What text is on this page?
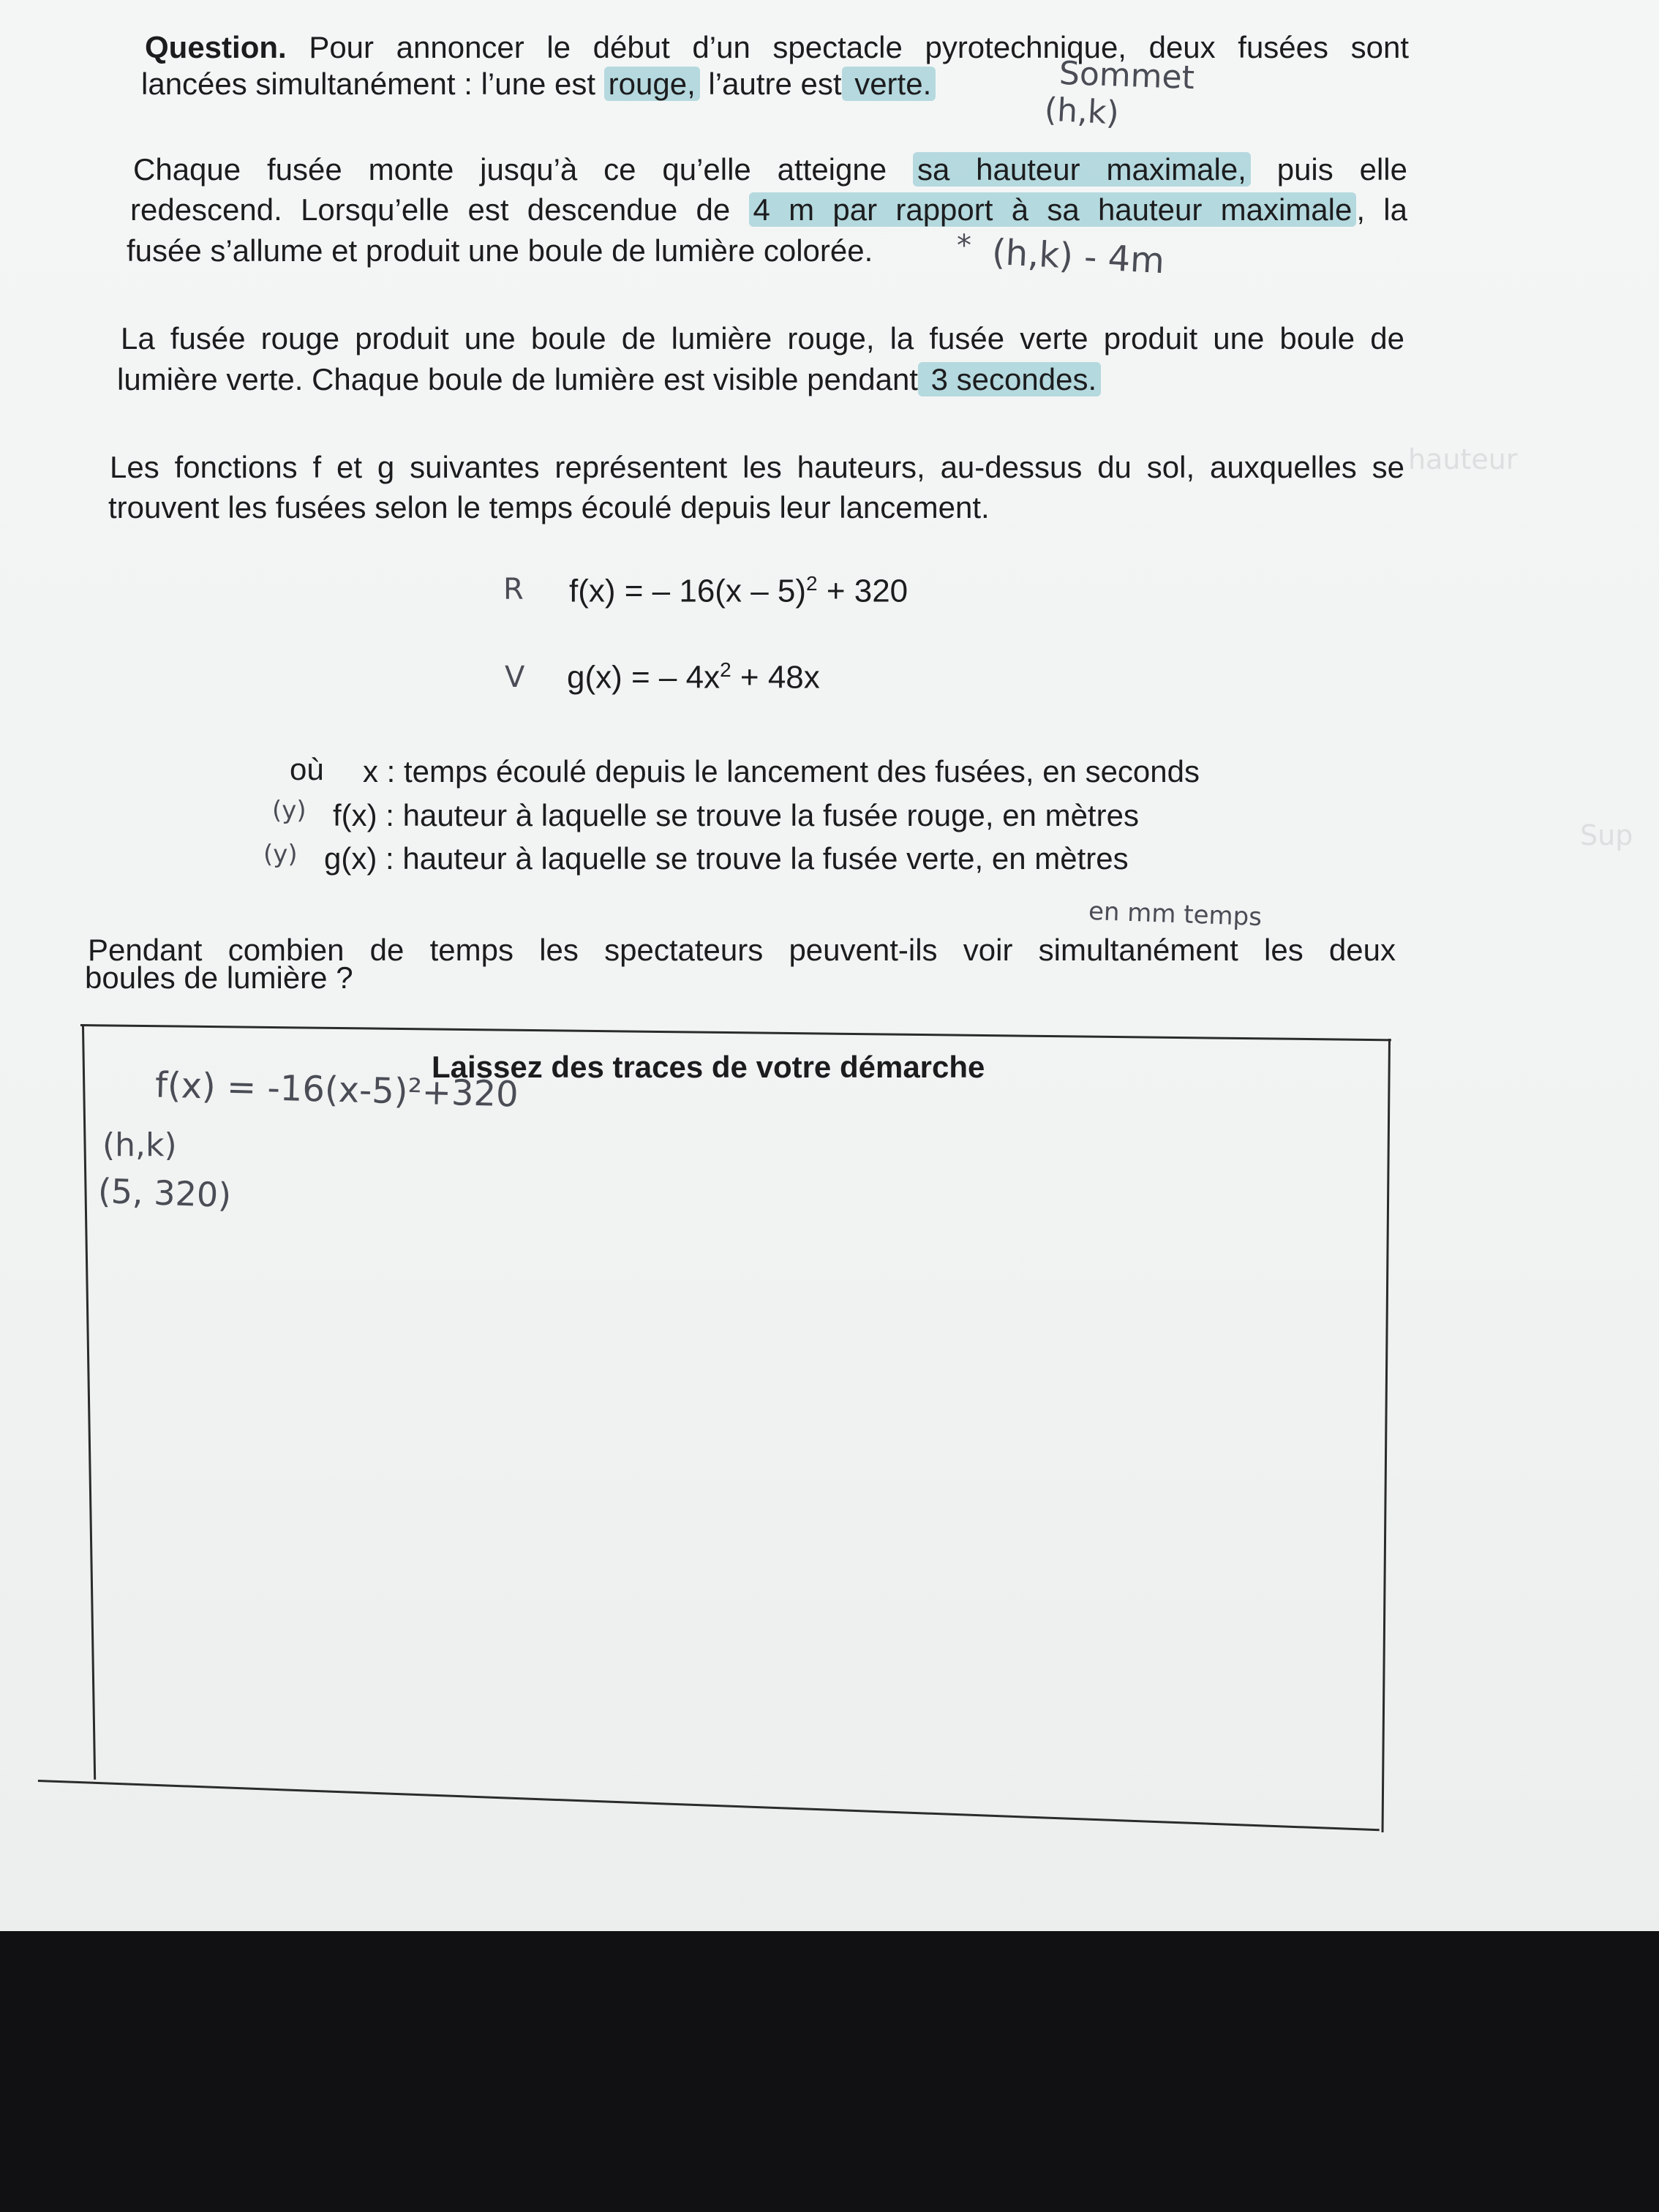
Question. Pour annoncer le début d’un spectacle pyrotechnique, deux fusées sont
lancées simultanément : l’une est rouge, l’autre est verte.
Chaque fusée monte jusqu’à ce qu’elle atteigne sa hauteur maximale, puis elle
redescend. Lorsqu’elle est descendue de 4 m par rapport à sa hauteur maximale , la
fusée s’allume et produit une boule de lumière colorée.
La fusée rouge produit une boule de lumière rouge, la fusée verte produit une boule de
lumière verte. Chaque boule de lumière est visible pendant 3 secondes.
Les fonctions f et g suivantes représentent les hauteurs, au-dessus du sol, auxquelles se
trouvent les fusées selon le temps écoulé depuis leur lancement.
f(x) = – 16(x – 5)$^2$ + 320
g(x) = – $4x^2 + 48x$
où x : temps écoulé depuis le lancement des fusées, en seconds
f(x) : hauteur à laquelle se trouve la fusée rouge, en mètres
g(x) : hauteur à laquelle se trouve la fusée verte, en mètres
Pendant combien de temps les spectateurs peuvent-ils voir simultanément les deux
boules de lumière ?
Laissez des traces de votre démarche
Sommet
(h,k)
* (h,k) - 4m
R
V
(y)
(y)
en mm temps
f(x) = -16(x-5)²+320
(h,k)
(5, 320)
hauteur
Sup
